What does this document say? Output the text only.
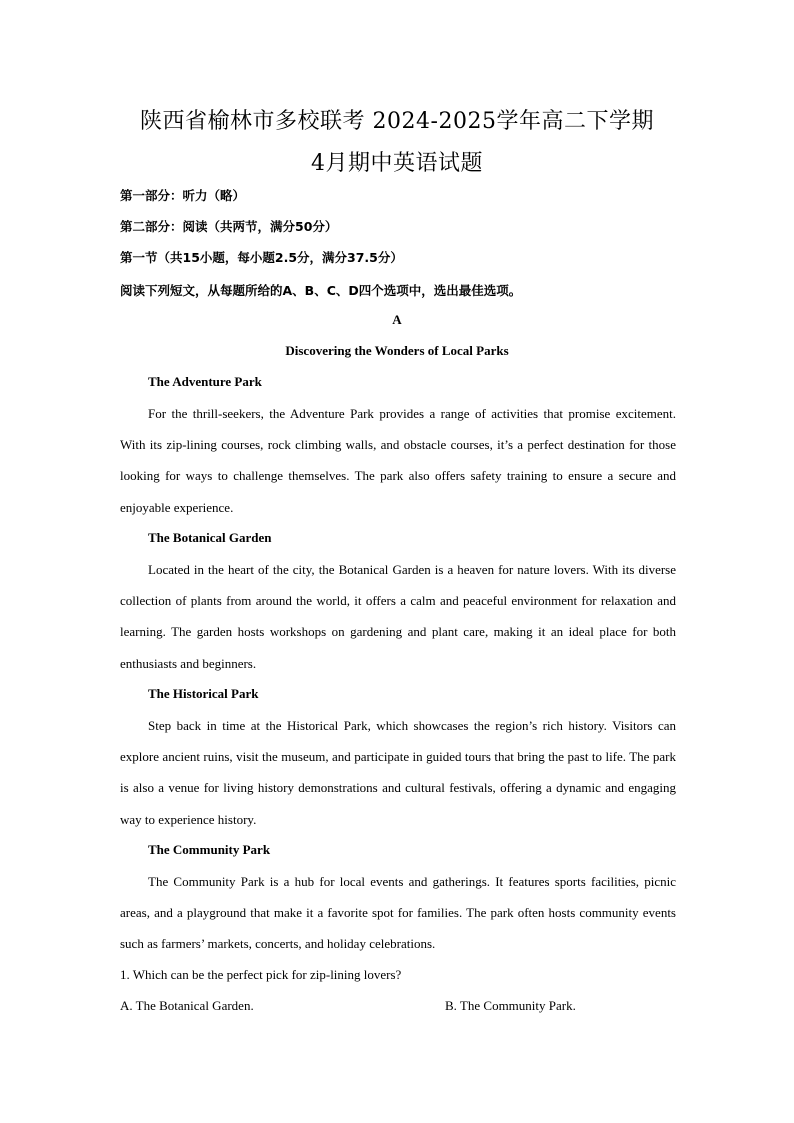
陕西省榆林市多校联考 2024-2025学年高二下学期
4月期中英语试题
第一部分：听力（略）
第二部分：阅读（共两节，满分50分）
第一节（共15小题，每小题2.5分，满分37.5分）
阅读下列短文，从每题所给的A、B、C、D四个选项中，选出最佳选项。
A
Discovering the Wonders of Local Parks
The Adventure Park
For the thrill-seekers, the Adventure Park provides a range of activities that promise excitement. With its zip-lining courses, rock climbing walls, and obstacle courses, it’s a perfect destination for those looking for ways to challenge themselves. The park also offers safety training to ensure a secure and enjoyable experience.
The Botanical Garden
Located in the heart of the city, the Botanical Garden is a heaven for nature lovers. With its diverse collection of plants from around the world, it offers a calm and peaceful environment for relaxation and learning. The garden hosts workshops on gardening and plant care, making it an ideal place for both enthusiasts and beginners.
The Historical Park
Step back in time at the Historical Park, which showcases the region’s rich history. Visitors can explore ancient ruins, visit the museum, and participate in guided tours that bring the past to life. The park is also a venue for living history demonstrations and cultural festivals, offering a dynamic and engaging way to experience history.
The Community Park
The Community Park is a hub for local events and gatherings. It features sports facilities, picnic areas, and a playground that make it a favorite spot for families. The park often hosts community events such as farmers’ markets, concerts, and holiday celebrations.
1. Which can be the perfect pick for zip-lining lovers?
A. The Botanical Garden.	B. The Community Park.
